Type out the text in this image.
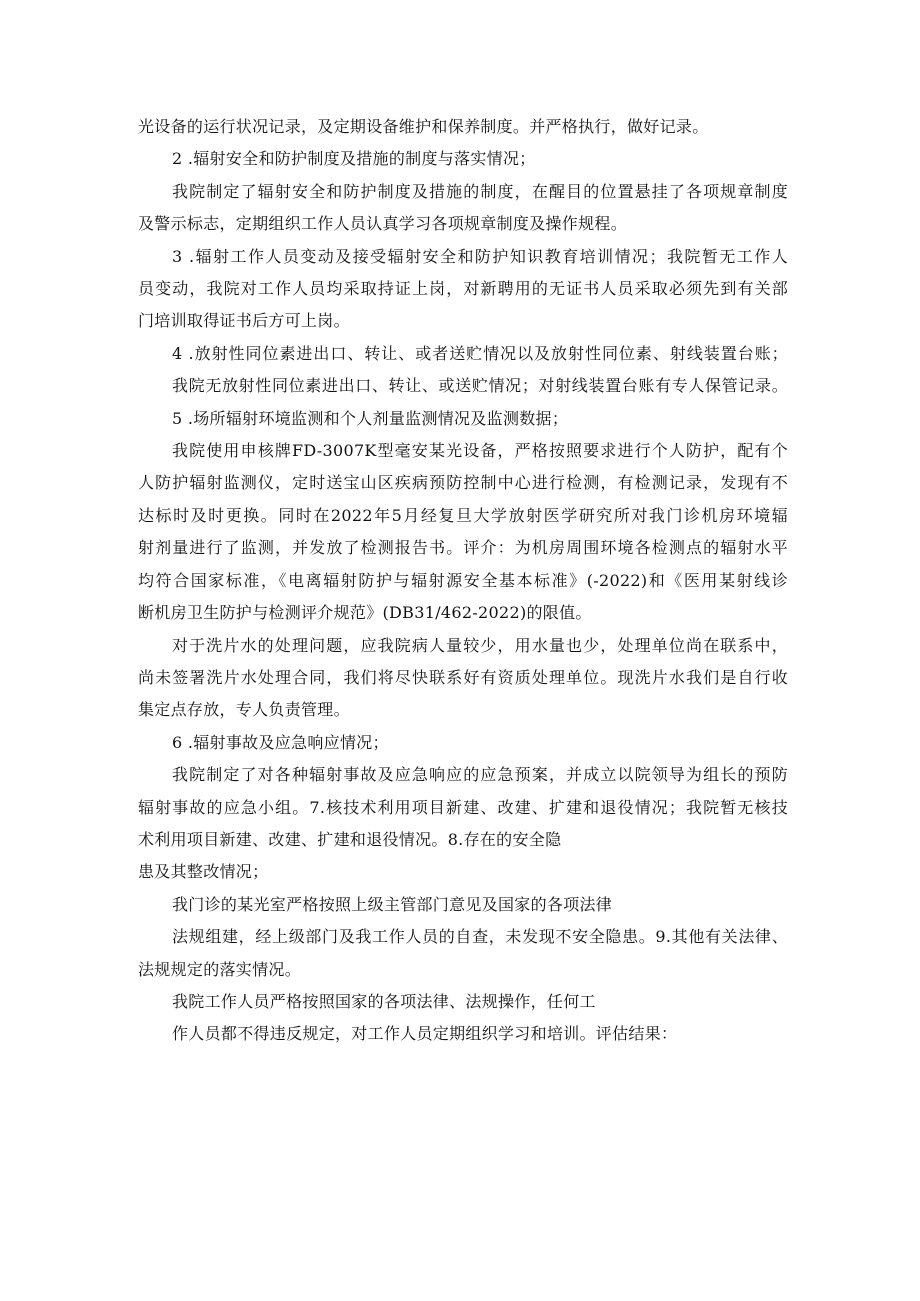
光设备的运行状况记录，及定期设备维护和保养制度。并严格执行，做好记录。
2 .辐射安全和防护制度及措施的制度与落实情况；
我院制定了辐射安全和防护制度及措施的制度，在醒目的位置悬挂了各项规章制度
及警示标志，定期组织工作人员认真学习各项规章制度及操作规程。
3 .辐射工作人员变动及接受辐射安全和防护知识教育培训情况；我院暂无工作人
员变动，我院对工作人员均采取持证上岗，对新聘用的无证书人员采取必须先到有关部
门培训取得证书后方可上岗。
4 .放射性同位素进出口、转让、或者送贮情况以及放射性同位素、射线装置台账；
我院无放射性同位素进出口、转让、或送贮情况；对射线装置台账有专人保管记录。
5 .场所辐射环境监测和个人剂量监测情况及监测数据；
我院使用申核牌FD-3007K型毫安某光设备，严格按照要求进行个人防护，配有个
人防护辐射监测仪，定时送宝山区疾病预防控制中心进行检测，有检测记录，发现有不
达标时及时更换。同时在2022年5月经复旦大学放射医学研究所对我门诊机房环境辐
射剂量进行了监测，并发放了检测报告书。评介：为机房周围环境各检测点的辐射水平
均符合国家标准，《电离辐射防护与辐射源安全基本标准》(-2022)和《医用某射线诊
断机房卫生防护与检测评介规范》(DB31/462-2022)的限值。
对于洗片水的处理问题，应我院病人量较少，用水量也少，处理单位尚在联系中，
尚未签署洗片水处理合同，我们将尽快联系好有资质处理单位。现洗片水我们是自行收
集定点存放，专人负责管理。
6 .辐射事故及应急响应情况；
我院制定了对各种辐射事故及应急响应的应急预案，并成立以院领导为组长的预防
辐射事故的应急小组。7.核技术利用项目新建、改建、扩建和退役情况；我院暂无核技
术利用项目新建、改建、扩建和退役情况。8.存在的安全隐
患及其整改情况；
我门诊的某光室严格按照上级主管部门意见及国家的各项法律
法规组建，经上级部门及我工作人员的自查，未发现不安全隐患。9.其他有关法律、
法规规定的落实情况。
我院工作人员严格按照国家的各项法律、法规操作，任何工
作人员都不得违反规定，对工作人员定期组织学习和培训。评估结果：
